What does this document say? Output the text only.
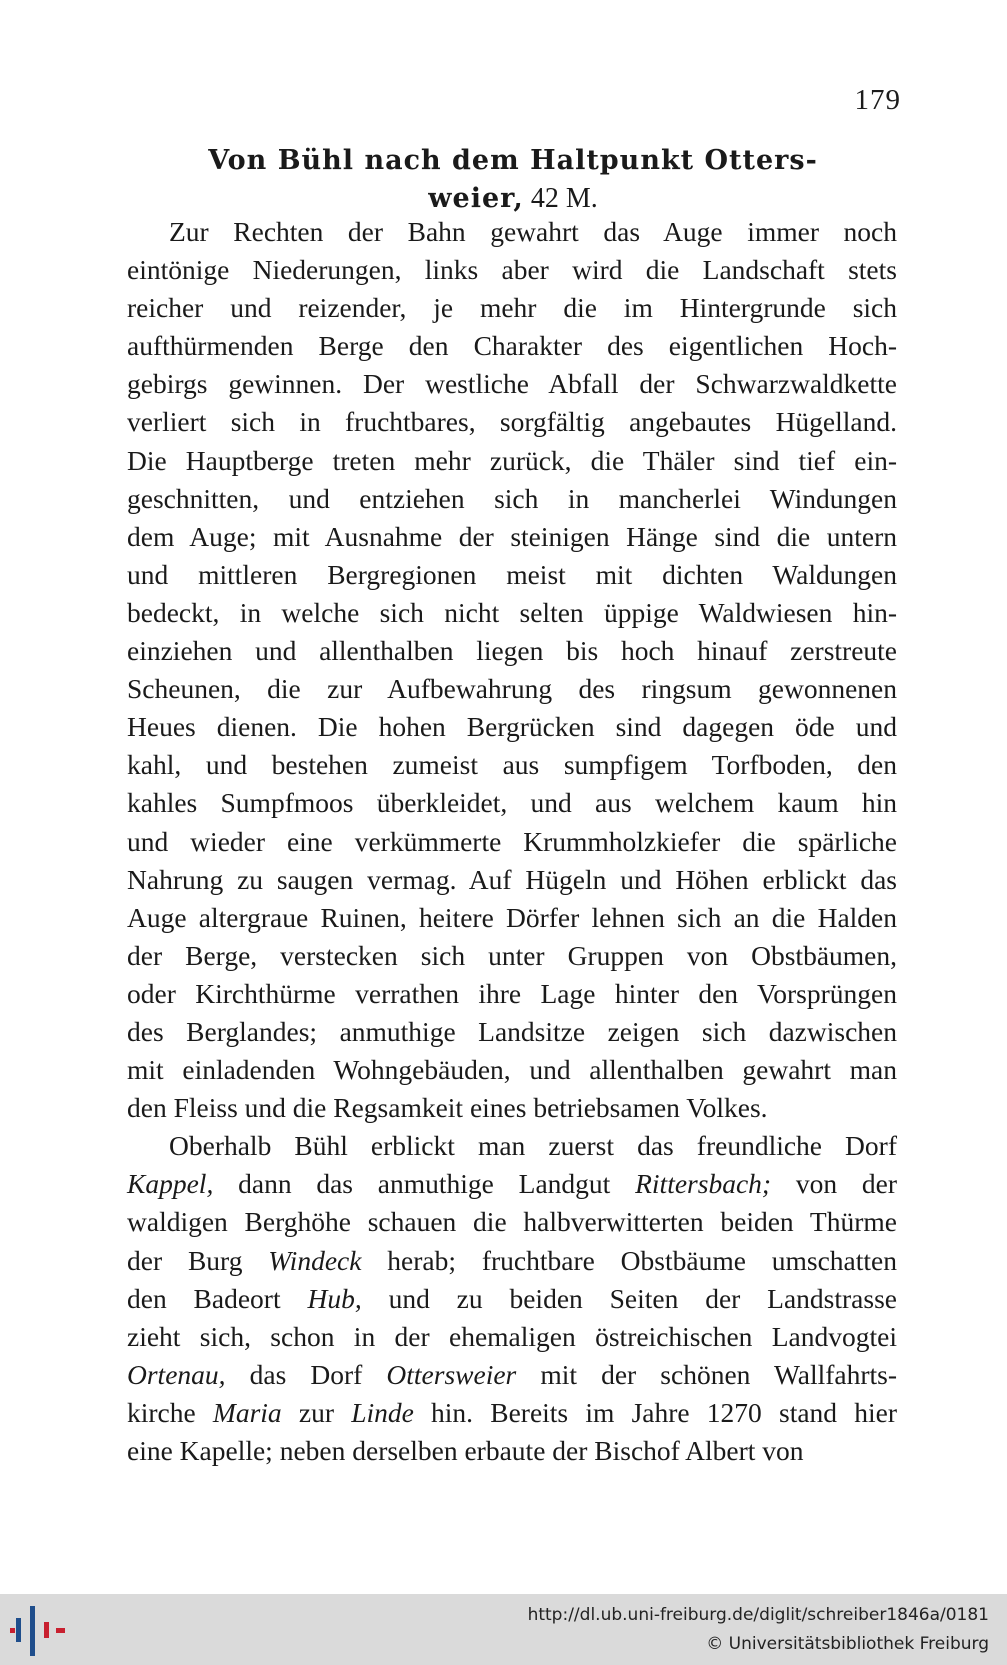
179
Von Bühl nach dem Haltpunkt Otters-
weier, 42 M.
Zur Rechten der Bahn gewahrt das Auge immer noch
eintönige Niederungen, links aber wird die Landschaft stets
reicher und reizender, je mehr die im Hintergrunde sich
aufthürmenden Berge den Charakter des eigentlichen Hoch-
gebirgs gewinnen. Der westliche Abfall der Schwarzwaldkette
verliert sich in fruchtbares, sorgfältig angebautes Hügelland.
Die Hauptberge treten mehr zurück, die Thäler sind tief ein-
geschnitten, und entziehen sich in mancherlei Windungen
dem Auge; mit Ausnahme der steinigen Hänge sind die untern
und mittleren Bergregionen meist mit dichten Waldungen
bedeckt, in welche sich nicht selten üppige Waldwiesen hin-
einziehen und allenthalben liegen bis hoch hinauf zerstreute
Scheunen, die zur Aufbewahrung des ringsum gewonnenen
Heues dienen. Die hohen Bergrücken sind dagegen öde und
kahl, und bestehen zumeist aus sumpfigem Torfboden, den
kahles Sumpfmoos überkleidet, und aus welchem kaum hin
und wieder eine verkümmerte Krummholzkiefer die spärliche
Nahrung zu saugen vermag. Auf Hügeln und Höhen erblickt das
Auge altergraue Ruinen, heitere Dörfer lehnen sich an die Halden
der Berge, verstecken sich unter Gruppen von Obstbäumen,
oder Kirchthürme verrathen ihre Lage hinter den Vorsprüngen
des Berglandes; anmuthige Landsitze zeigen sich dazwischen
mit einladenden Wohngebäuden, und allenthalben gewahrt man
den Fleiss und die Regsamkeit eines betriebsamen Volkes.
Oberhalb Bühl erblickt man zuerst das freundliche Dorf
Kappel, dann das anmuthige Landgut Rittersbach; von der
waldigen Berghöhe schauen die halbverwitterten beiden Thürme
der Burg Windeck herab; fruchtbare Obstbäume umschatten
den Badeort Hub, und zu beiden Seiten der Landstrasse
zieht sich, schon in der ehemaligen östreichischen Landvogtei
Ortenau, das Dorf Ottersweier mit der schönen Wallfahrts-
kirche Maria zur Linde hin. Bereits im Jahre 1270 stand hier
eine Kapelle; neben derselben erbaute der Bischof Albert von
http://dl.ub.uni-freiburg.de/diglit/schreiber1846a/0181
© Universitätsbibliothek Freiburg
